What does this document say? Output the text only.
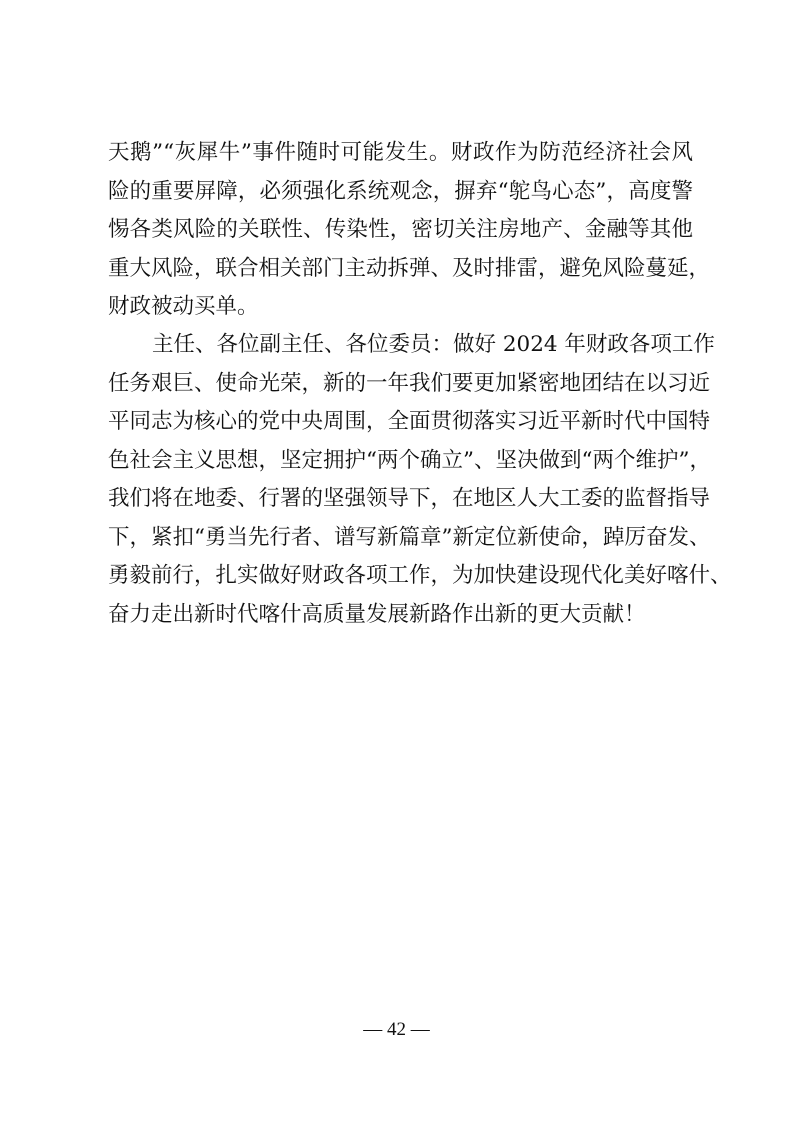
天鹅”“灰犀牛”事件随时可能发生。财政作为防范经济社会风
险的重要屏障，必须强化系统观念，摒弃“鸵鸟心态”，高度警
惕各类风险的关联性、传染性，密切关注房地产、金融等其他
重大风险，联合相关部门主动拆弹、及时排雷，避免风险蔓延，
财政被动买单。
主任、各位副主任、各位委员：做好 2024 年财政各项工作
任务艰巨、使命光荣，新的一年我们要更加紧密地团结在以习近
平同志为核心的党中央周围，全面贯彻落实习近平新时代中国特
色社会主义思想，坚定拥护“两个确立”、坚决做到“两个维护”，
我们将在地委、行署的坚强领导下，在地区人大工委的监督指导
下，紧扣“勇当先行者、谱写新篇章”新定位新使命，踔厉奋发、
勇毅前行，扎实做好财政各项工作，为加快建设现代化美好喀什、
奋力走出新时代喀什高质量发展新路作出新的更大贡献！
— 42 —
